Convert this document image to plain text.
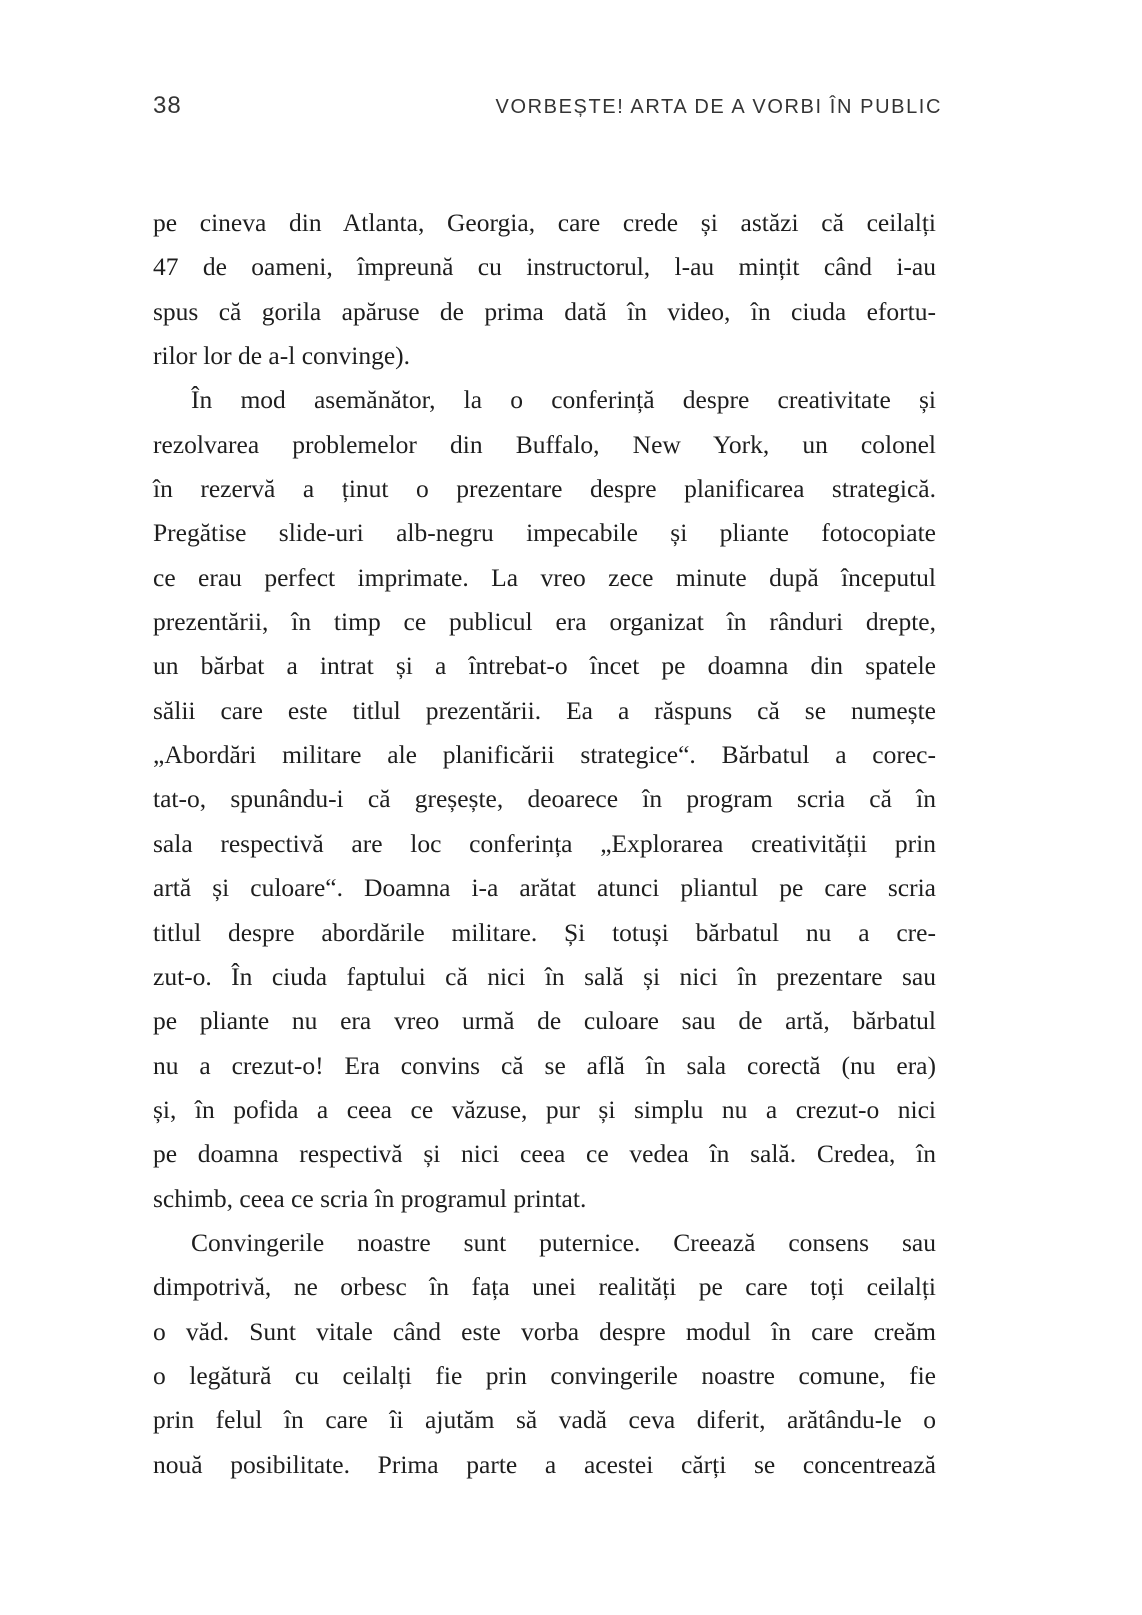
38	VORBEȘTE! ARTA DE A VORBI ÎN PUBLIC
pe cineva din Atlanta, Georgia, care crede și astăzi că ceilalți
47 de oameni, împreună cu instructorul, l-au mințit când i-au
spus că gorila apăruse de prima dată în video, în ciuda efortu-
rilor lor de a-l convinge).
În mod asemănător, la o conferință despre creativitate și
rezolvarea problemelor din Buffalo, New York, un colonel
în rezervă a ținut o prezentare despre planificarea strategică.
Pregătise slide-uri alb-negru impecabile și pliante fotocopiate
ce erau perfect imprimate. La vreo zece minute după începutul
prezentării, în timp ce publicul era organizat în rânduri drepte,
un bărbat a intrat și a întrebat-o încet pe doamna din spatele
sălii care este titlul prezentării. Ea a răspuns că se numește
„Abordări militare ale planificării strategice“. Bărbatul a corec-
tat-o, spunându-i că greșește, deoarece în program scria că în
sala respectivă are loc conferința „Explorarea creativității prin
artă și culoare“. Doamna i-a arătat atunci pliantul pe care scria
titlul despre abordările militare. Și totuși bărbatul nu a cre-
zut-o. În ciuda faptului că nici în sală și nici în prezentare sau
pe pliante nu era vreo urmă de culoare sau de artă, bărbatul
nu a crezut-o! Era convins că se află în sala corectă (nu era)
și, în pofida a ceea ce văzuse, pur și simplu nu a crezut-o nici
pe doamna respectivă și nici ceea ce vedea în sală. Credea, în
schimb, ceea ce scria în programul printat.
Convingerile noastre sunt puternice. Creează consens sau
dimpotrivă, ne orbesc în fața unei realități pe care toți ceilalți
o văd. Sunt vitale când este vorba despre modul în care creăm
o legătură cu ceilalți fie prin convingerile noastre comune, fie
prin felul în care îi ajutăm să vadă ceva diferit, arătându-le o
nouă posibilitate. Prima parte a acestei cărți se concentrează
